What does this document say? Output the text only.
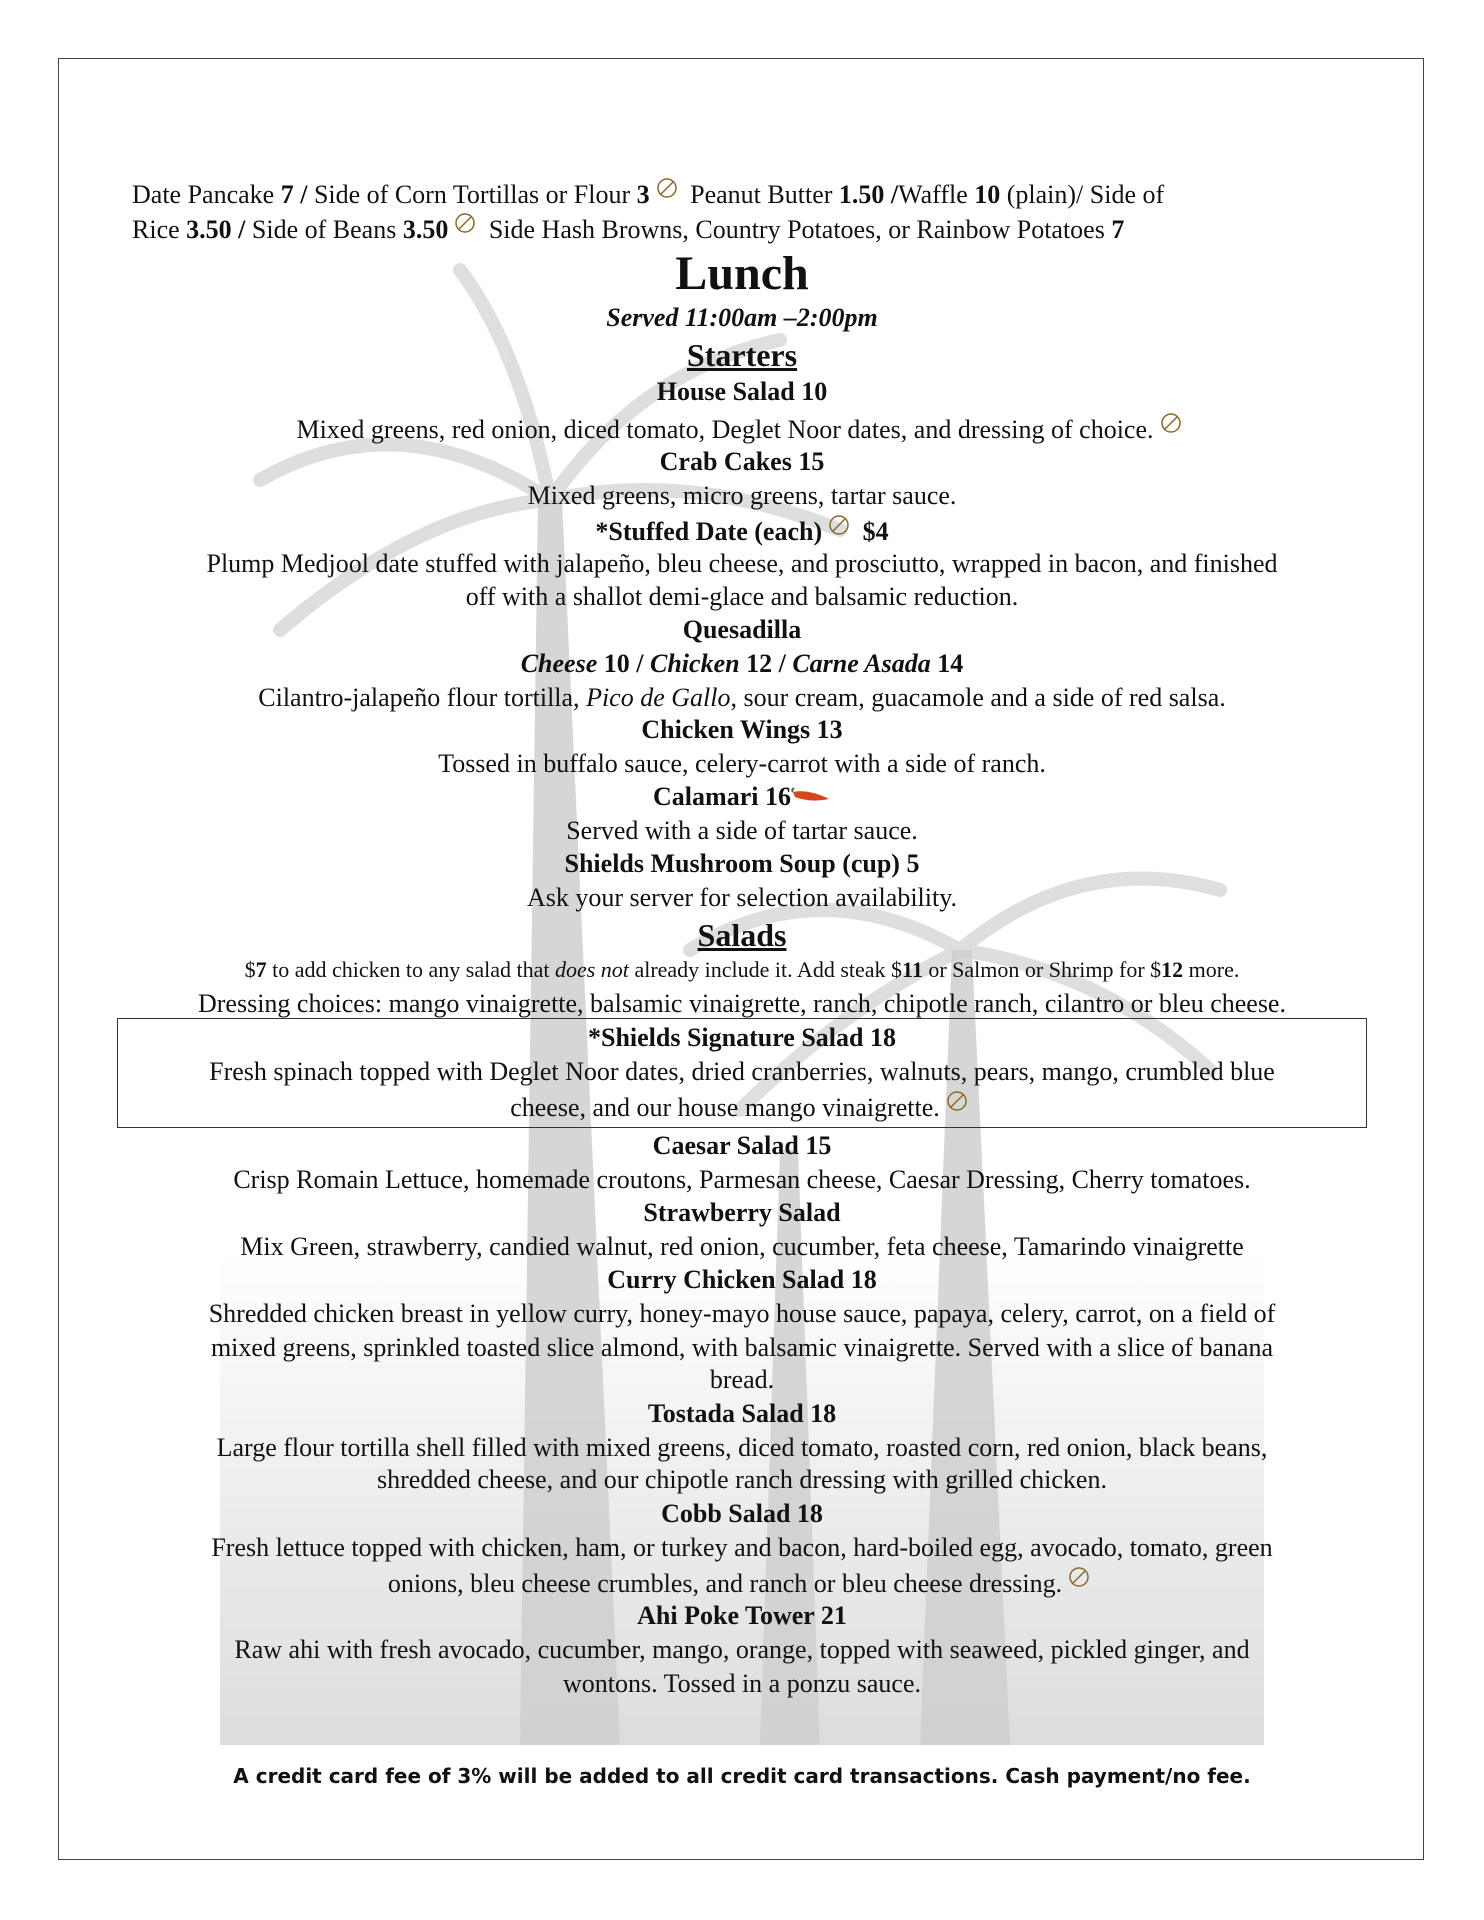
Date Pancake 7 / Side of Corn Tortillas or Flour 3 Peanut Butter 1.50 /Waffle 10 (plain)/ Side of
Rice 3.50 / Side of Beans 3.50 Side Hash Browns, Country Potatoes, or Rainbow Potatoes 7
Lunch
Served 11:00am –2:00pm
Starters
House Salad 10
Mixed greens, red onion, diced tomato, Deglet Noor dates, and dressing of choice.
Crab Cakes 15
Mixed greens, micro greens, tartar sauce.
*Stuffed Date (each) $4
Plump Medjool date stuffed with jalapeño, bleu cheese, and prosciutto, wrapped in bacon, and finished
off with a shallot demi-glace and balsamic reduction.
Quesadilla
Cheese 10 / Chicken 12 / Carne Asada 14
Cilantro-jalapeño flour tortilla, Pico de Gallo, sour cream, guacamole and a side of red salsa.
Chicken Wings 13
Tossed in buffalo sauce, celery-carrot with a side of ranch.
Calamari 16
Served with a side of tartar sauce.
Shields Mushroom Soup (cup) 5
Ask your server for selection availability.
Salads
$7 to add chicken to any salad that does not already include it. Add steak $11 or Salmon or Shrimp for $12 more.
Dressing choices: mango vinaigrette, balsamic vinaigrette, ranch, chipotle ranch, cilantro or bleu cheese.
*Shields Signature Salad 18
Fresh spinach topped with Deglet Noor dates, dried cranberries, walnuts, pears, mango, crumbled blue
cheese, and our house mango vinaigrette.
Caesar Salad 15
Crisp Romain Lettuce, homemade croutons, Parmesan cheese, Caesar Dressing, Cherry tomatoes.
Strawberry Salad
Mix Green, strawberry, candied walnut, red onion, cucumber, feta cheese, Tamarindo vinaigrette
Curry Chicken Salad 18
Shredded chicken breast in yellow curry, honey-mayo house sauce, papaya, celery, carrot, on a field of
mixed greens, sprinkled toasted slice almond, with balsamic vinaigrette. Served with a slice of banana
bread.
Tostada Salad 18
Large flour tortilla shell filled with mixed greens, diced tomato, roasted corn, red onion, black beans,
shredded cheese, and our chipotle ranch dressing with grilled chicken.
Cobb Salad 18
Fresh lettuce topped with chicken, ham, or turkey and bacon, hard-boiled egg, avocado, tomato, green
onions, bleu cheese crumbles, and ranch or bleu cheese dressing.
Ahi Poke Tower 21
Raw ahi with fresh avocado, cucumber, mango, orange, topped with seaweed, pickled ginger, and
wontons. Tossed in a ponzu sauce.
A credit card fee of 3% will be added to all credit card transactions. Cash payment/no fee.
